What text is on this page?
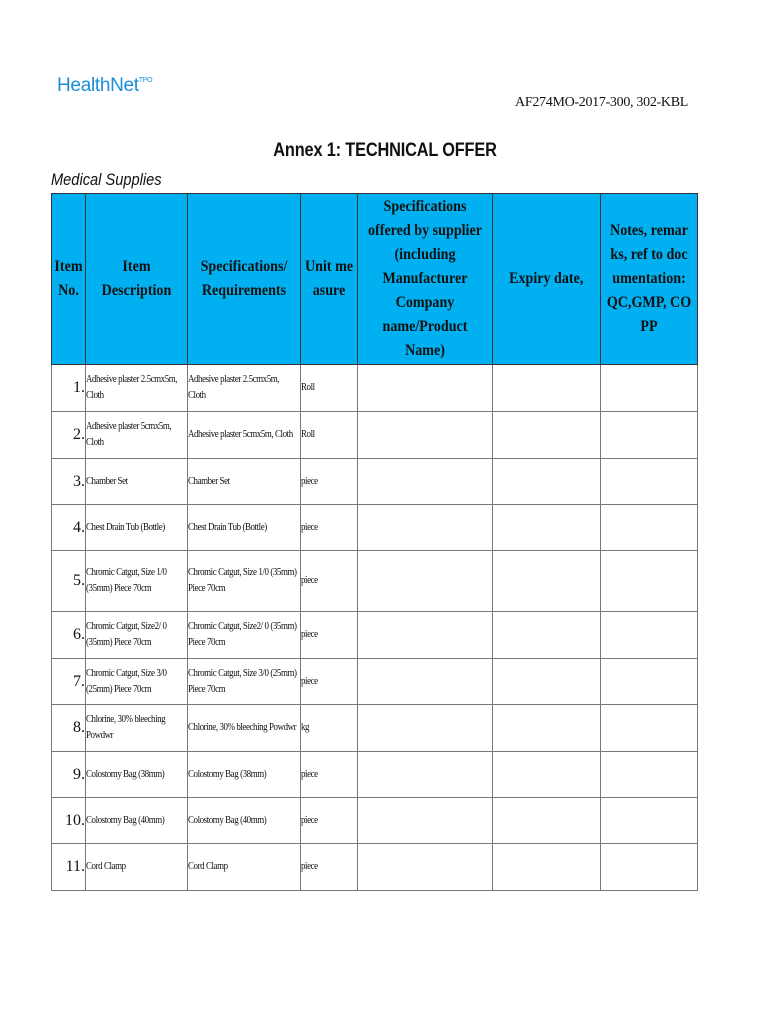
HealthNet$^{TPO}$
AF274MO-2017-300, 302-KBL
Annex 1: TECHNICAL OFFER
Medical Supplies
Item No.	Item Description	Specifications/ Requirements	Unit measure	Specifications offered by supplier (including Manufacturer Company name/Product Name)	Expiry date,	Notes, remarks, ref to documentation: QC,GMP, COPP
1.	Adhesive plaster 2.5cmx5m, Cloth	Adhesive plaster 2.5cmx5m, Cloth	Roll			

2.	Adhesive plaster 5cmx5m, Cloth	Adhesive plaster 5cmx5m, Cloth	Roll			

3.	Chamber Set	Chamber Set	piece			

4.	Chest Drain Tub (Bottle)	Chest Drain Tub (Bottle)	piece			

5.	Chromic Catgut, Size 1/0 (35mm) Piece 70cm	Chromic Catgut, Size 1/0 (35mm) Piece 70cm	piece			

6.	Chromic Catgut, Size2/ 0 (35mm) Piece 70cm	Chromic Catgut, Size2/ 0 (35mm) Piece 70cm	piece			

7.	Chromic Catgut, Size 3/0 (25mm) Piece 70cm	Chromic Catgut, Size 3/0 (25mm) Piece 70cm	piece			

8.	Chlorine, 30% bleeching Powdwr	Chlorine, 30% bleeching Powdwr	kg			

9.	Colostomy Bag (38mm)	Colostomy Bag (38mm)	piece			

10.	Colostomy Bag (40mm)	Colostomy Bag (40mm)	piece			

11.	Cord Clamp	Cord Clamp	piece			
